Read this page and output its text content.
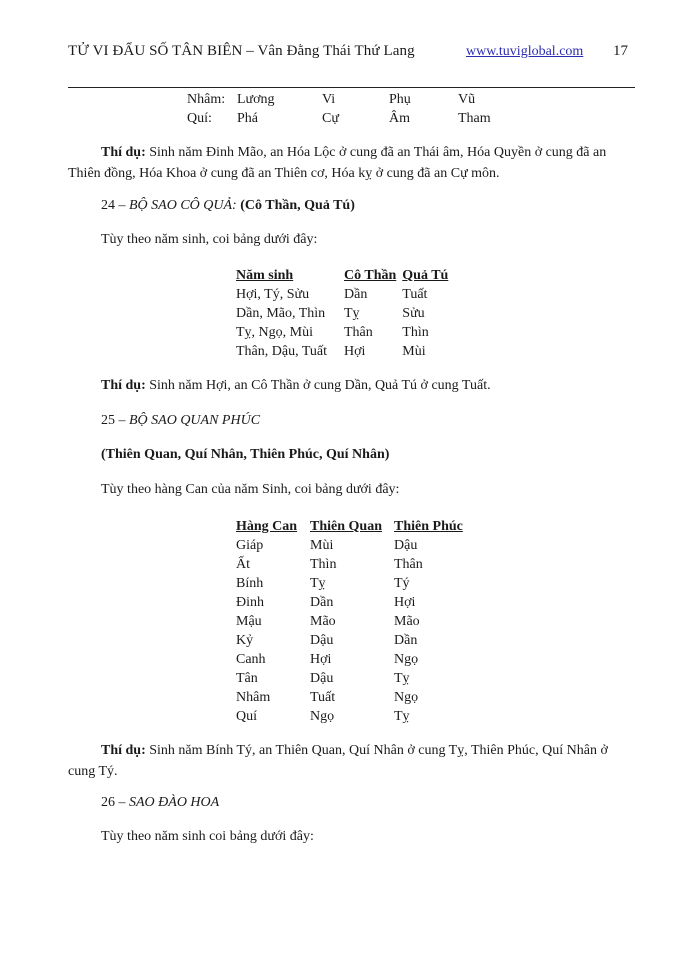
TỬ VI ĐẨU SỐ TÂN BIÊN – Vân Đằng Thái Thứ Lang	www.tuviglobal.com 17
Nhâm: Lương	Vi	Phụ	Vũ
Quí: Phá	Cự	Âm	Tham
Thí dụ: Sinh năm Đinh Mão, an Hóa Lộc ở cung đã an Thái âm, Hóa Quyền ở cung đã an
Thiên đồng, Hóa Khoa ở cung đã an Thiên cơ, Hóa kỵ ở cung đã an Cự môn.
24 – BỘ SAO CÔ QUẢ: (Cô Thần, Quả Tú)
Tùy theo năm sinh, coi bảng dưới đây:
Năm sinh	Cô Thần	Quả Tú
Hợi, Tý, Sửu	Dần	Tuất
Dần, Mão, Thìn	Tỵ	Sửu
Tỵ, Ngọ, Mùi	Thân	Thìn
Thân, Dậu, Tuất	Hợi	Mùi
Thí dụ: Sinh năm Hợi, an Cô Thần ở cung Dần, Quả Tú ở cung Tuất.
25 – BỘ SAO QUAN PHÚC
(Thiên Quan, Quí Nhân, Thiên Phúc, Quí Nhân)
Tùy theo hàng Can của năm Sinh, coi bảng dưới đây:
Hàng Can	Thiên Quan	Thiên Phúc
Giáp	Mùi	Dậu
Ất	Thìn	Thân
Bính	Tỵ	Tý
Đinh	Dần	Hợi
Mậu	Mão	Mão
Kỷ	Dậu	Dần
Canh	Hợi	Ngọ
Tân	Dậu	Tỵ
Nhâm	Tuất	Ngọ
Quí	Ngọ	Tỵ
Thí dụ: Sinh năm Bính Tý, an Thiên Quan, Quí Nhân ở cung Tỵ, Thiên Phúc, Quí Nhân ở
cung Tý.
26 – SAO ĐÀO HOA
Tùy theo năm sinh coi bảng dưới đây:
